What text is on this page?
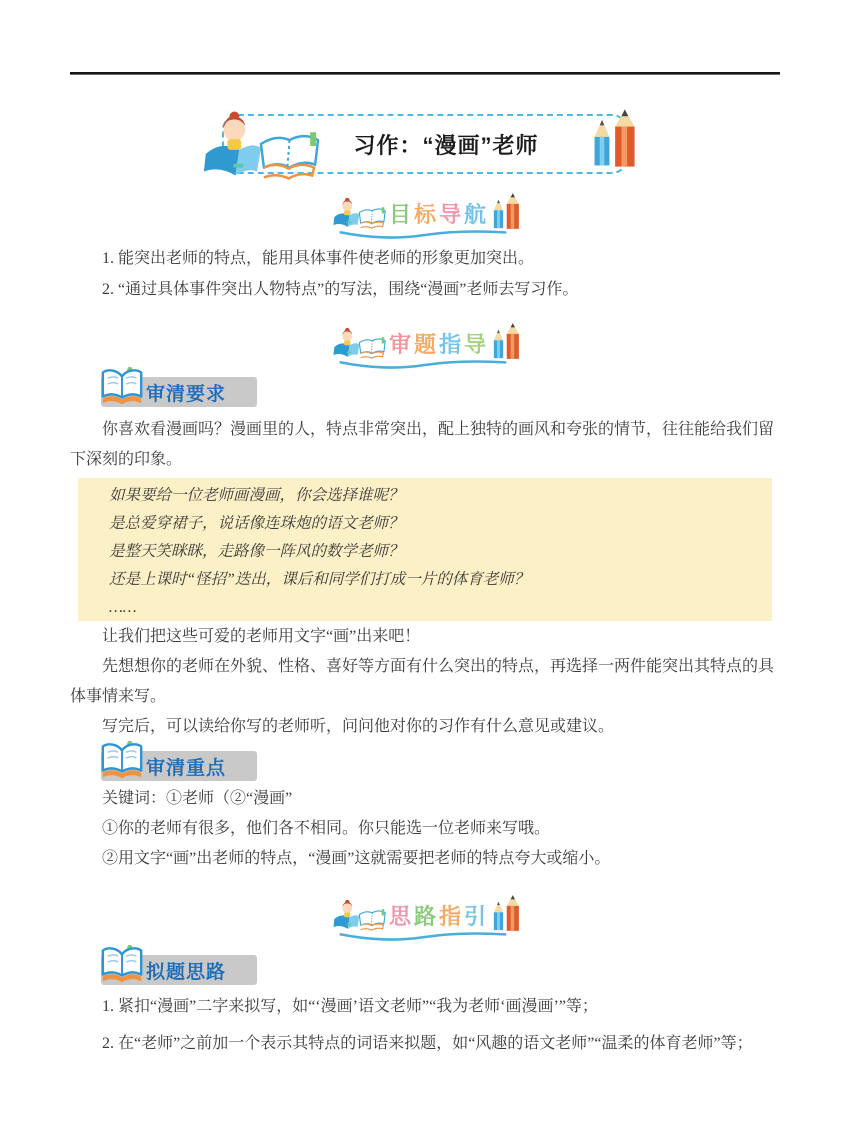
习作：“漫画”老师
目标导航

1. 能突出老师的特点，能用具体事件使老师的形象更加突出。

2. “通过具体事件突出人物特点”的写法，围绕“漫画”老师去写习作。

审题指导
审清要求

你喜欢看漫画吗？漫画里的人，特点非常突出，配上独特的画风和夸张的情节，往往能给我们留下深刻的印象。

如果要给一位老师画漫画，你会选择谁呢？

是总爱穿裙子，说话像连珠炮的语文老师？

是整天笑眯眯，走路像一阵风的数学老师？

还是上课时“怪招”迭出，课后和同学们打成一片的体育老师？

……

让我们把这些可爱的老师用文字“画”出来吧！

先想想你的老师在外貌、性格、喜好等方面有什么突出的特点，再选择一两件能突出其特点的具体事情来写。

写完后，可以读给你写的老师听，问问他对你的习作有什么意见或建议。

审清重点

关键词：①老师（②“漫画”

①你的老师有很多，他们各不相同。你只能选一位老师来写哦。

②用文字“画”出老师的特点，“漫画”这就需要把老师的特点夸大或缩小。

思路指引
拟题思路

1. 紧扣“漫画”二字来拟写，如“‘漫画’语文老师”“我为老师‘画漫画’”等；

2. 在“老师”之前加一个表示其特点的词语来拟题，如“风趣的语文老师”“温柔的体育老师”等；
